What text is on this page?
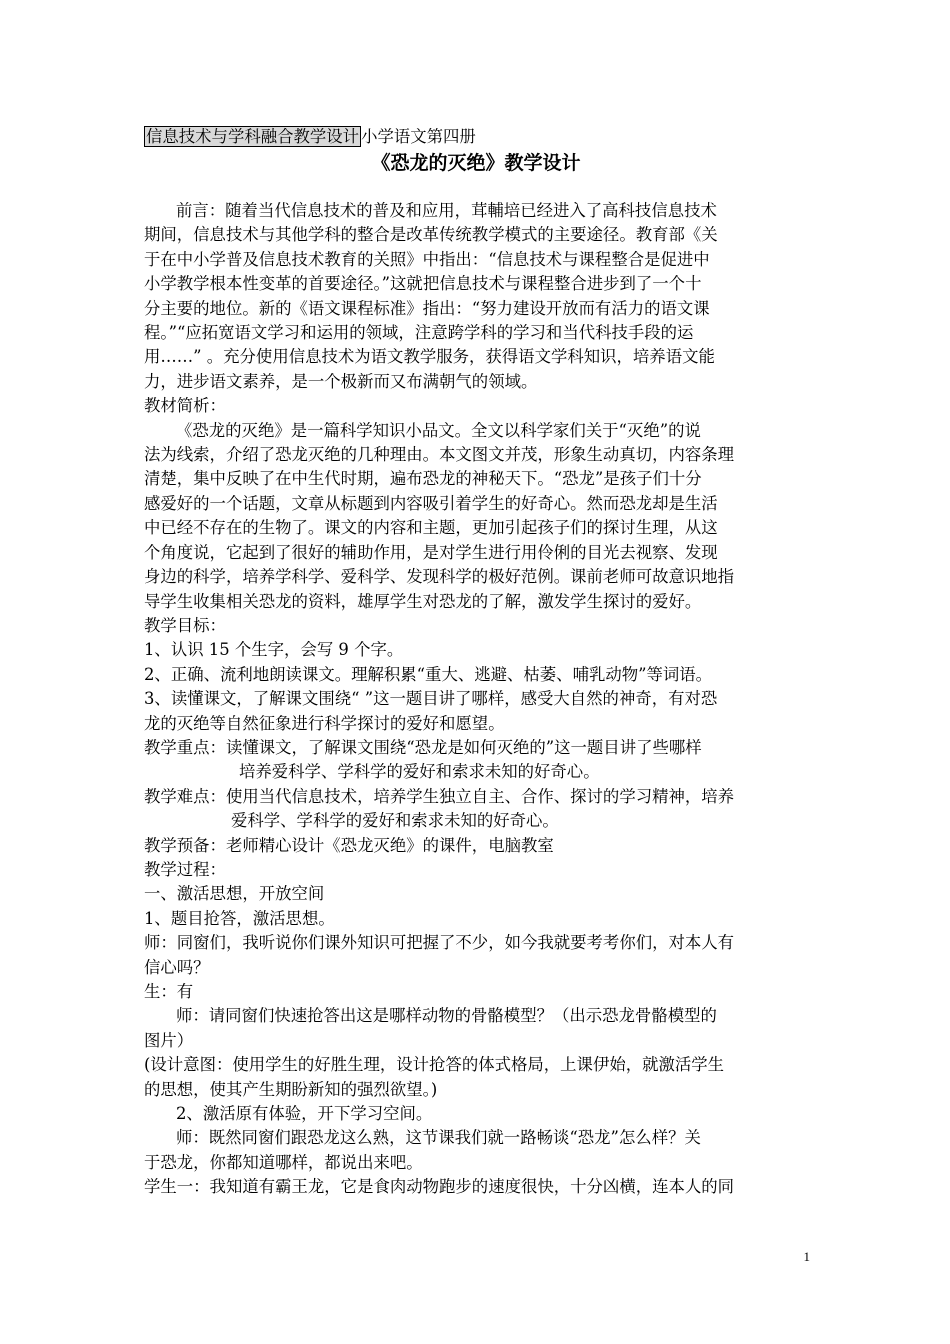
信息技术与学科融合教学设计 小学语文第四册
《恐龙的灭绝》教学设计
前言：随着当代信息技术的普及和应用，茸輔培已经进入了高科技信息技术
期间，信息技术与其他学科的整合是改革传统教学模式的主要途径。教育部《关
于在中小学普及信息技术教育的关照》中指出：“信息技术与课程整合是促进中
小学教学根本性变革的首要途径。”这就把信息技术与课程整合进步到了一个十
分主要的地位。新的《语文课程标准》指出：“努力建设开放而有活力的语文课
程。”“应拓宽语文学习和运用的领域，注意跨学科的学习和当代科技手段的运
用……” 。充分使用信息技术为语文教学服务，获得语文学科知识，培养语文能
力，进步语文素养，是一个极新而又布满朝气的领域。
教材简析：
《恐龙的灭绝》是一篇科学知识小品文。全文以科学家们关于“灭绝”的说
法为线索，介绍了恐龙灭绝的几种理由。本文图文并茂，形象生动真切，内容条理
清楚，集中反映了在中生代时期，遍布恐龙的神秘天下。“恐龙”是孩子们十分
感爱好的一个话题，文章从标题到内容吸引着学生的好奇心。然而恐龙却是生活
中已经不存在的生物了。课文的内容和主题，更加引起孩子们的探讨生理，从这
个角度说，它起到了很好的辅助作用，是对学生进行用伶俐的目光去视察、发现
身边的科学，培养学科学、爱科学、发现科学的极好范例。课前老师可故意识地指
导学生收集相关恐龙的资料，雄厚学生对恐龙的了解，激发学生探讨的爱好。
教学目标：
1、认识 15 个生字，会写 9 个字。
2、正确、流利地朗读课文。理解积累“重大、逃避、枯萎、哺乳动物”等词语。
3、读懂课文，了解课文围绕“ ”这一题目讲了哪样，感受大自然的神奇，有对恐
龙的灭绝等自然征象进行科学探讨的爱好和愿望。
教学重点：读懂课文，了解课文围绕“恐龙是如何灭绝的”这一题目讲了些哪样
培养爱科学、学科学的爱好和索求未知的好奇心。
教学难点：使用当代信息技术，培养学生独立自主、合作、探讨的学习精神，培养
爱科学、学科学的爱好和索求未知的好奇心。
教学预备：老师精心设计《恐龙灭绝》的课件，电脑教室
教学过程：
一、激活思想，开放空间
1、题目抢答，激活思想。
师：同窗们，我听说你们课外知识可把握了不少，如今我就要考考你们，对本人有
信心吗？
生：有
师：请同窗们快速抢答出这是哪样动物的骨骼模型？（出示恐龙骨骼模型的
图片）
(设计意图：使用学生的好胜生理，设计抢答的体式格局，上课伊始，就激活学生
的思想，使其产生期盼新知的强烈欲望。)
2、激活原有体验，开下学习空间。
师：既然同窗们跟恐龙这么熟，这节课我们就一路畅谈“恐龙”怎么样？关
于恐龙，你都知道哪样，都说出来吧。
学生一：我知道有霸王龙，它是食肉动物跑步的速度很快，十分凶横，连本人的同
1
